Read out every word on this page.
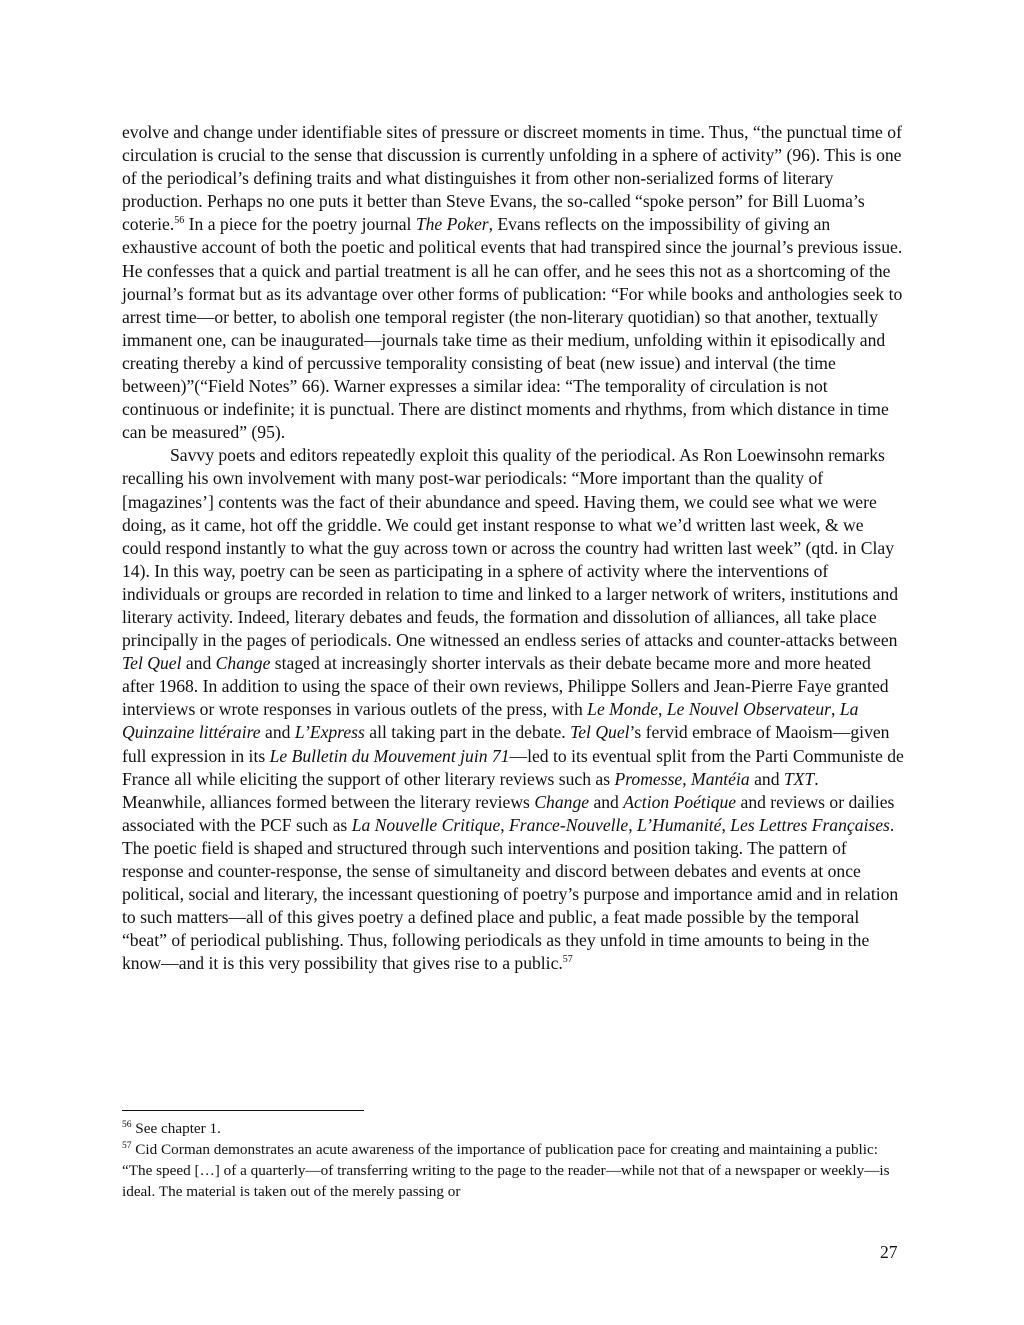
evolve and change under identifiable sites of pressure or discreet moments in time. Thus, “the punctual time of circulation is crucial to the sense that discussion is currently unfolding in a sphere of activity” (96). This is one of the periodical’s defining traits and what distinguishes it from other non-serialized forms of literary production. Perhaps no one puts it better than Steve Evans, the so-called “spoke person” for Bill Luoma’s coterie.$^{56}$ In a piece for the poetry journal The Poker, Evans reflects on the impossibility of giving an exhaustive account of both the poetic and political events that had transpired since the journal’s previous issue. He confesses that a quick and partial treatment is all he can offer, and he sees this not as a shortcoming of the journal’s format but as its advantage over other forms of publication: “For while books and anthologies seek to arrest time—or better, to abolish one temporal register (the non-literary quotidian) so that another, textually immanent one, can be inaugurated—journals take time as their medium, unfolding within it episodically and creating thereby a kind of percussive temporality consisting of beat (new issue) and interval (the time between)”(“Field Notes” 66). Warner expresses a similar idea: “The temporality of circulation is not continuous or indefinite; it is punctual. There are distinct moments and rhythms, from which distance in time can be measured” (95).

Savvy poets and editors repeatedly exploit this quality of the periodical. As Ron Loewinsohn remarks recalling his own involvement with many post-war periodicals: “More important than the quality of [magazines’] contents was the fact of their abundance and speed. Having them, we could see what we were doing, as it came, hot off the griddle. We could get instant response to what we’d written last week, & we could respond instantly to what the guy across town or across the country had written last week” (qtd. in Clay 14). In this way, poetry can be seen as participating in a sphere of activity where the interventions of individuals or groups are recorded in relation to time and linked to a larger network of writers, institutions and literary activity. Indeed, literary debates and feuds, the formation and dissolution of alliances, all take place principally in the pages of periodicals. One witnessed an endless series of attacks and counter-attacks between Tel Quel and Change staged at increasingly shorter intervals as their debate became more and more heated after 1968. In addition to using the space of their own reviews, Philippe Sollers and Jean-Pierre Faye granted interviews or wrote responses in various outlets of the press, with Le Monde, Le Nouvel Observateur, La Quinzaine littéraire and L’Express all taking part in the debate. Tel Quel’s fervid embrace of Maoism—given full expression in its Le Bulletin du Mouvement juin 71—led to its eventual split from the Parti Communiste de France all while eliciting the support of other literary reviews such as Promesse, Mantéia and TXT. Meanwhile, alliances formed between the literary reviews Change and Action Poétique and reviews or dailies associated with the PCF such as La Nouvelle Critique, France-Nouvelle, L’Humanité, Les Lettres Françaises. The poetic field is shaped and structured through such interventions and position taking. The pattern of response and counter-response, the sense of simultaneity and discord between debates and events at once political, social and literary, the incessant questioning of poetry’s purpose and importance amid and in relation to such matters—all of this gives poetry a defined place and public, a feat made possible by the temporal “beat” of periodical publishing. Thus, following periodicals as they unfold in time amounts to being in the know—and it is this very possibility that gives rise to a public.$^{57}$

$^{56}$ See chapter 1.

$^{57}$ Cid Corman demonstrates an acute awareness of the importance of publication pace for creating and maintaining a public: “The speed […] of a quarterly—of transferring writing to the page to the reader—while not that of a newspaper or weekly—is ideal. The material is taken out of the merely passing or

27
